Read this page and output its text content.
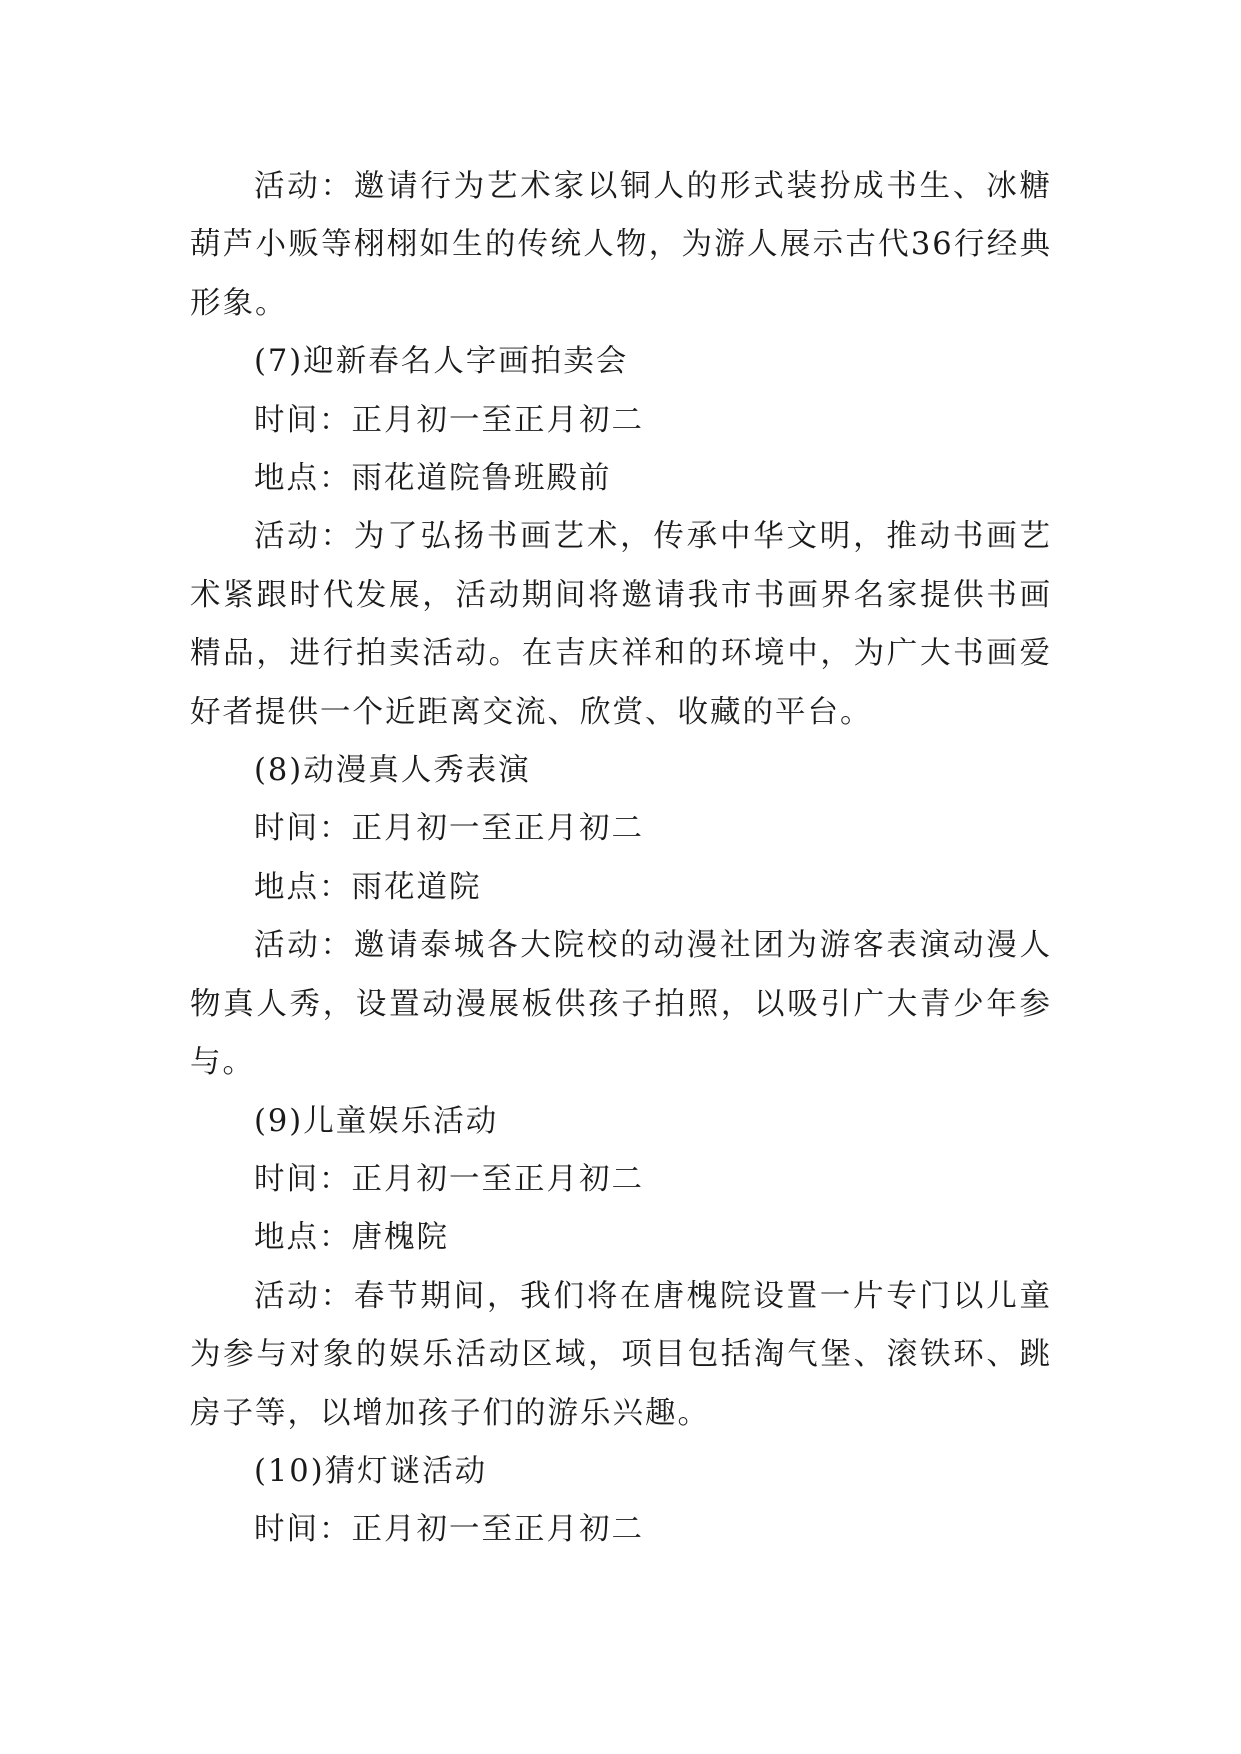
活动：邀请行为艺术家以铜人的形式装扮成书生、冰糖葫芦小贩等栩栩如生的传统人物，为游人展示古代36行经典形象。

(7)迎新春名人字画拍卖会

时间：正月初一至正月初二

地点：雨花道院鲁班殿前

活动：为了弘扬书画艺术，传承中华文明，推动书画艺术紧跟时代发展，活动期间将邀请我市书画界名家提供书画精品，进行拍卖活动。在吉庆祥和的环境中，为广大书画爱好者提供一个近距离交流、欣赏、收藏的平台。

(8)动漫真人秀表演

时间：正月初一至正月初二

地点：雨花道院

活动：邀请泰城各大院校的动漫社团为游客表演动漫人物真人秀，设置动漫展板供孩子拍照，以吸引广大青少年参与。

(9)儿童娱乐活动

时间：正月初一至正月初二

地点：唐槐院

活动：春节期间，我们将在唐槐院设置一片专门以儿童为参与对象的娱乐活动区域，项目包括淘气堡、滚铁环、跳房子等，以增加孩子们的游乐兴趣。

(10)猜灯谜活动

时间：正月初一至正月初二
